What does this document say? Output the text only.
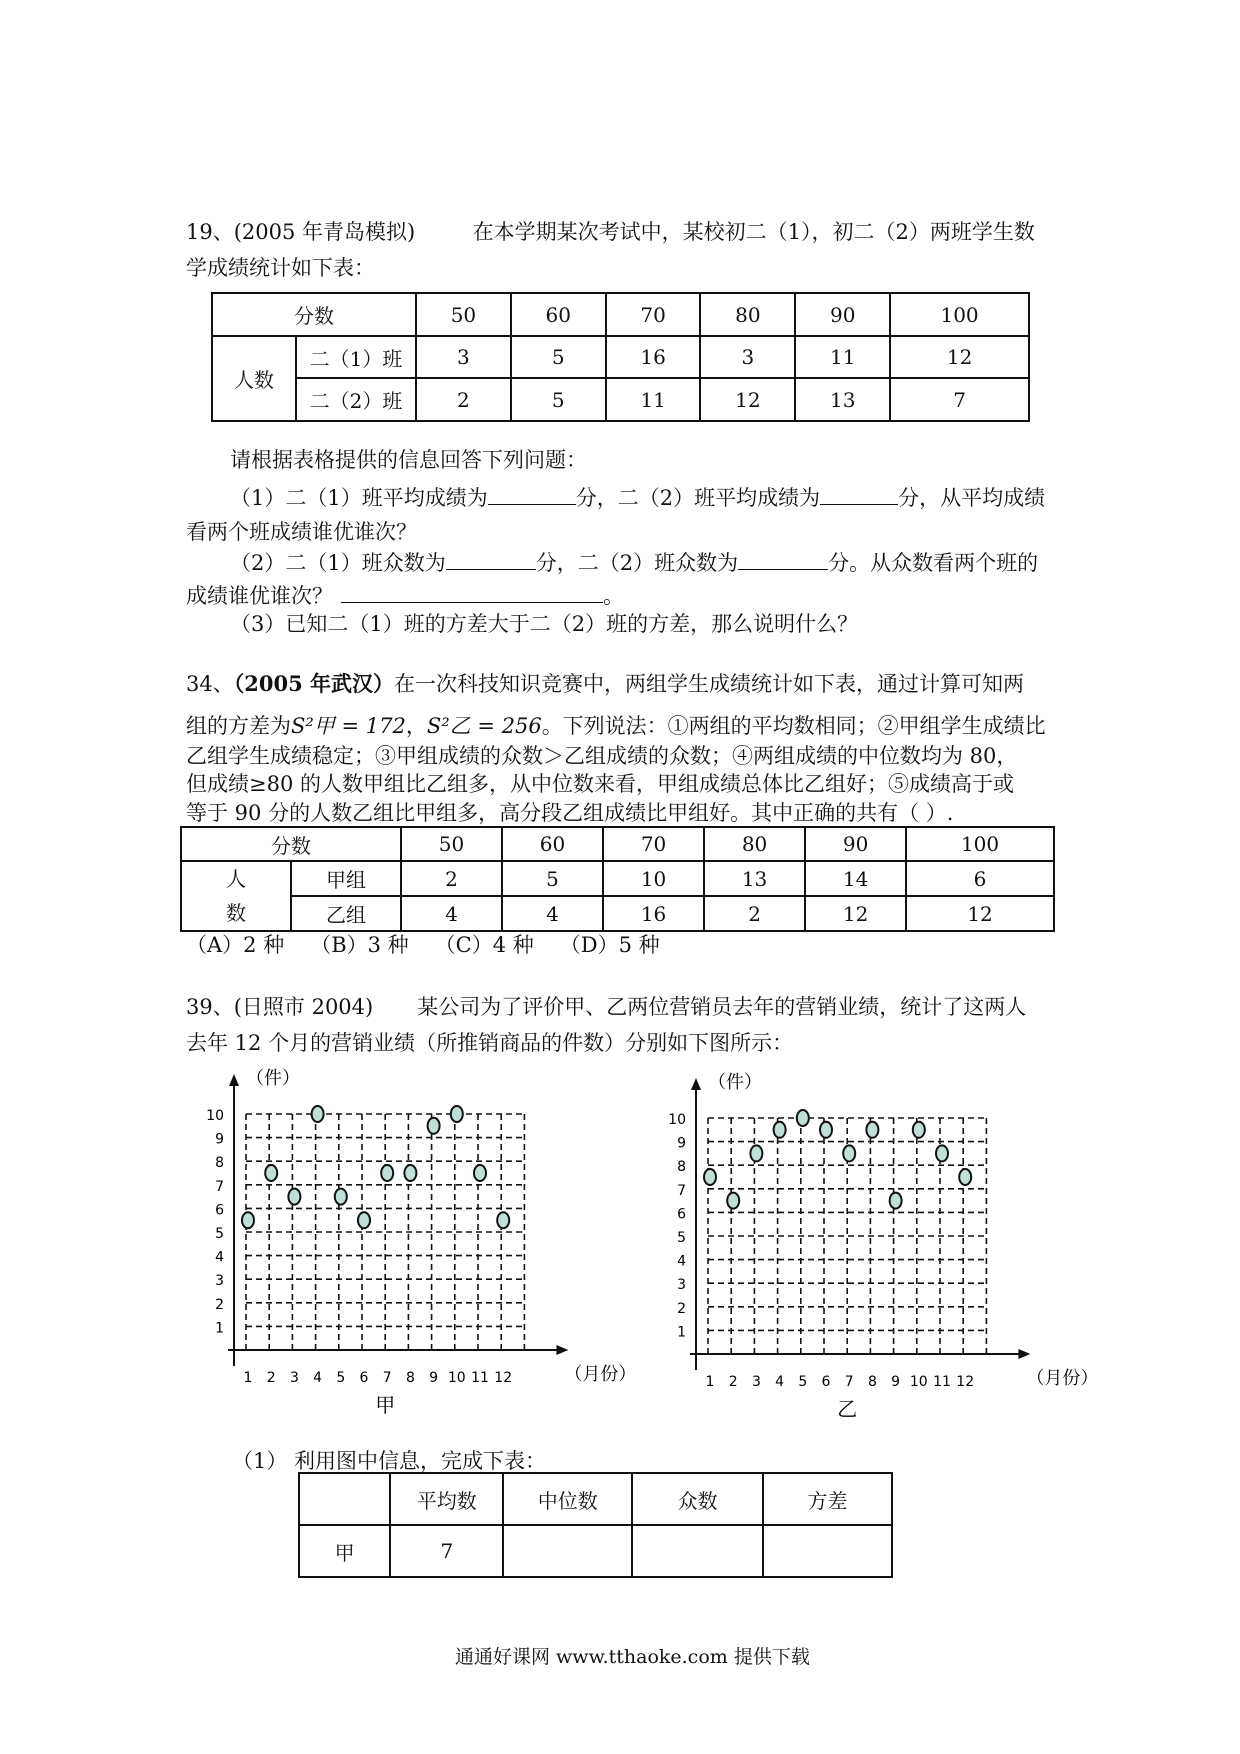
19、(2005 年青岛模拟)	在本学期某次考试中，某校初二（1），初二（2）两班学生数
学成绩统计如下表：
分数		50	60	70	80	90	100
人数	二（1）班	3	5	16	3	11	12
	二（2）班	2	5	11	12	13	7
请根据表格提供的信息回答下列问题：
（1）二（1）班平均成绩为	分，二（2）班平均成绩为	分，从平均成绩
看两个班成绩谁优谁次？
（2）二（1）班众数为	分，二（2）班众数为	分。从众数看两个班的
成绩谁优谁次？	。
（3）已知二（1）班的方差大于二（2）班的方差，那么说明什么？
34、（2005 年武汉）在一次科技知识竞赛中，两组学生成绩统计如下表，通过计算可知两
组的方差为S²甲 = 172，S²乙 = 256。下列说法：①两组的平均数相同；②甲组学生成绩比
乙组学生成绩稳定；③甲组成绩的众数＞乙组成绩的众数；④两组成绩的中位数均为 80，
但成绩≥80 的人数甲组比乙组多，从中位数来看，甲组成绩总体比乙组好；⑤成绩高于或
等于 90 分的人数乙组比甲组多，高分段乙组成绩比甲组好。其中正确的共有（ ）.
分数		50	60	70	80	90	100

人
数	甲组	2	5	10	13	14	6
	乙组	4	4	16	2	12	12
（A）2 种 （B）3 种 （C）4 种 （D）5 种
39、(日照市 2004) 某公司为了评价甲、乙两位营销员去年的营销业绩，统计了这两人
去年 12 个月的营销业绩（所推销商品的件数）分别如下图所示：
（件）
（月份）
1
2
3
4
5
6
7
8
9
10
1 2 3 4 5 6 7 8 9 10 11 12
甲
（件）
（月份）
1
2
3
4
5
6
7
8
9
10
1 2 3 4 5 6 7 8 9 10 11 12
乙
（1） 利用图中信息，完成下表：
	平均数	中位数	众数	方差
甲	7			
通通好课网 www.tthaoke.com 提供下载
